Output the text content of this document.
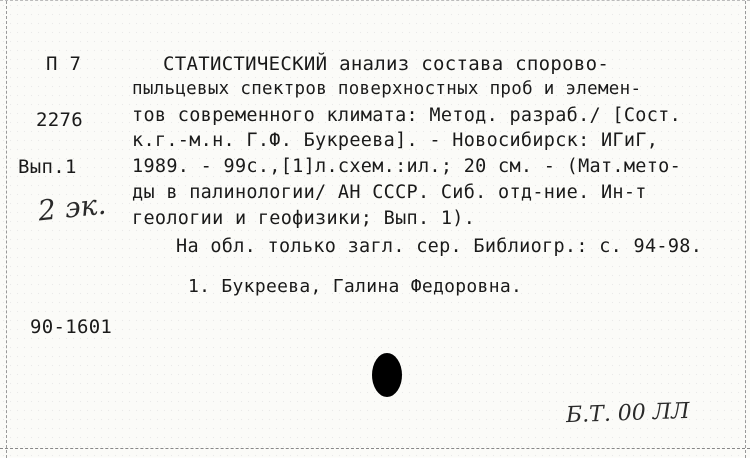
П 7
2276
Вып.1
2 эк.
СТАТИСТИЧЕСКИЙ анализ состава спорово-
пыльцевых спектров поверхностных проб и элемен-
тов современного климата: Метод. разраб./ [Сост.
к.г.-м.н. Г.Ф. Букреева]. - Новосибирск: ИГиГ,
1989. - 99с.,[1]л.схем.:ил.; 20 см. - (Мат.мето-
ды в палинологии/ АН СССР. Сиб. отд-ние. Ин-т
геологии и геофизики; Вып. 1).
На обл. только загл. сер. Библиогр.: с. 94-98.
1. Букреева, Галина Федоровна.
90-1601
Б.Т. 00 ЛЛ
